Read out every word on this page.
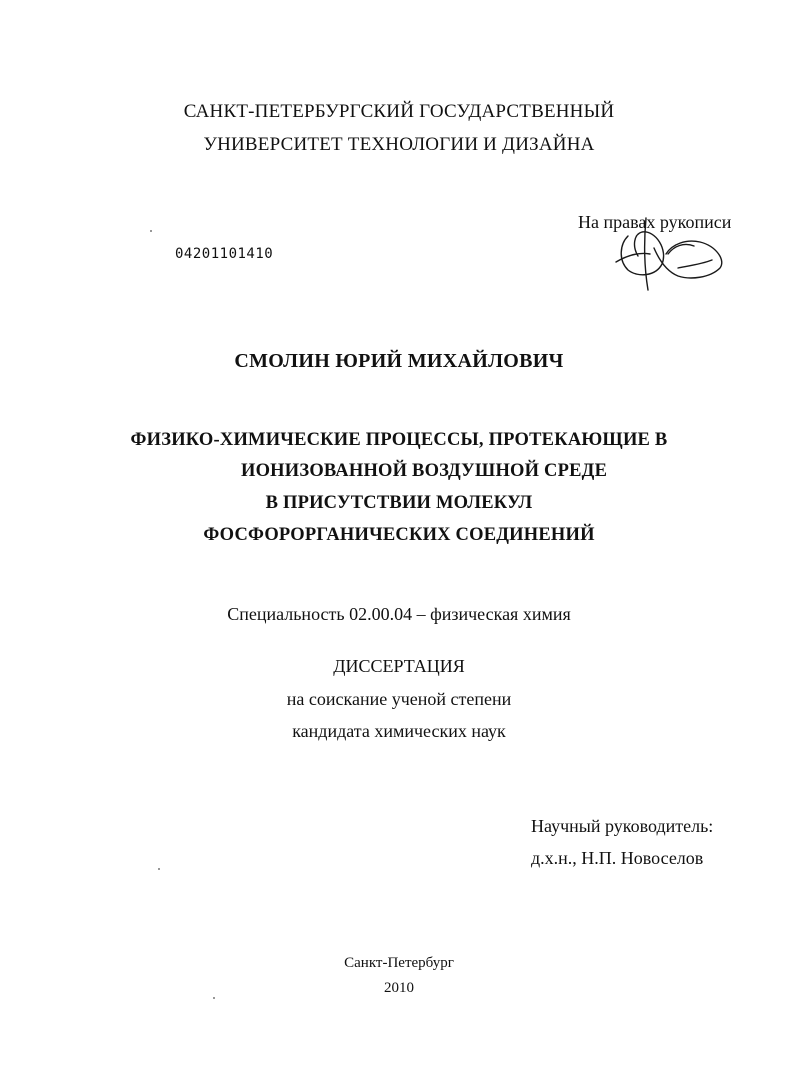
САНКТ-ПЕТЕРБУРГСКИЙ ГОСУДАРСТВЕННЫЙ
УНИВЕРСИТЕТ ТЕХНОЛОГИИ И ДИЗАЙНА
На правах рукописи
04201101410
СМОЛИН ЮРИЙ МИХАЙЛОВИЧ
ФИЗИКО-ХИМИЧЕСКИЕ ПРОЦЕССЫ, ПРОТЕКАЮЩИЕ В
ИОНИЗОВАННОЙ ВОЗДУШНОЙ СРЕДЕ
В ПРИСУТСТВИИ МОЛЕКУЛ
ФОСФОРОРГАНИЧЕСКИХ СОЕДИНЕНИЙ
Специальность 02.00.04 – физическая химия
ДИССЕРТАЦИЯ
на соискание ученой степени
кандидата химических наук
Научный руководитель:
д.х.н., Н.П. Новоселов
Санкт-Петербург
2010
